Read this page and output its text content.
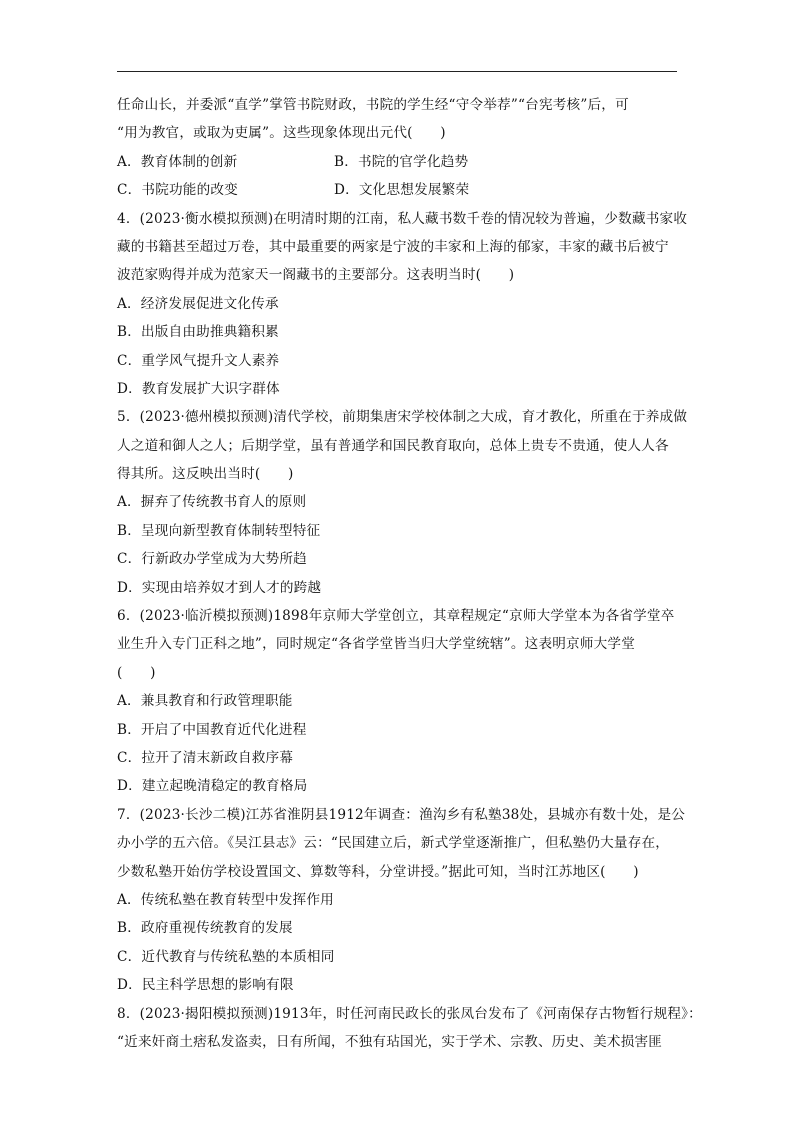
任命山长，并委派“直学”掌管书院财政，书院的学生经“守令举荐”“台宪考核”后，可
“用为教官，或取为吏属”。这些现象体现出元代(　　)
A．教育体制的创新	B．书院的官学化趋势
C．书院功能的改变	D．文化思想发展繁荣
4．(2023·衡水模拟预测)在明清时期的江南，私人藏书数千卷的情况较为普遍，少数藏书家收
藏的书籍甚至超过万卷，其中最重要的两家是宁波的丰家和上海的郁家，丰家的藏书后被宁
波范家购得并成为范家天一阁藏书的主要部分。这表明当时(　　)
A．经济发展促进文化传承
B．出版自由助推典籍积累
C．重学风气提升文人素养
D．教育发展扩大识字群体
5．(2023·德州模拟预测)清代学校，前期集唐宋学校体制之大成，育才教化，所重在于养成做
人之道和御人之人；后期学堂，虽有普通学和国民教育取向，总体上贵专不贵通，使人人各
得其所。这反映出当时(　　)
A．摒弃了传统教书育人的原则
B．呈现向新型教育体制转型特征
C．行新政办学堂成为大势所趋
D．实现由培养奴才到人才的跨越
6．(2023·临沂模拟预测)1898年京师大学堂创立，其章程规定“京师大学堂本为各省学堂卒
业生升入专门正科之地”，同时规定“各省学堂皆当归大学堂统辖”。这表明京师大学堂
(　　)
A．兼具教育和行政管理职能
B．开启了中国教育近代化进程
C．拉开了清末新政自救序幕
D．建立起晚清稳定的教育格局
7．(2023·长沙二模)江苏省淮阴县1912年调查：渔沟乡有私塾38处，县城亦有数十处，是公
办小学的五六倍。《吴江县志》云：“民国建立后，新式学堂逐渐推广，但私塾仍大量存在，
少数私塾开始仿学校设置国文、算数等科，分堂讲授。”据此可知，当时江苏地区(　　)
A．传统私塾在教育转型中发挥作用
B．政府重视传统教育的发展
C．近代教育与传统私塾的本质相同
D．民主科学思想的影响有限
8．(2023·揭阳模拟预测)1913年，时任河南民政长的张凤台发布了《河南保存古物暂行规程》：
“近来奸商土痞私发盗卖，日有所闻，不独有玷国光，实于学术、宗教、历史、美术损害匪
